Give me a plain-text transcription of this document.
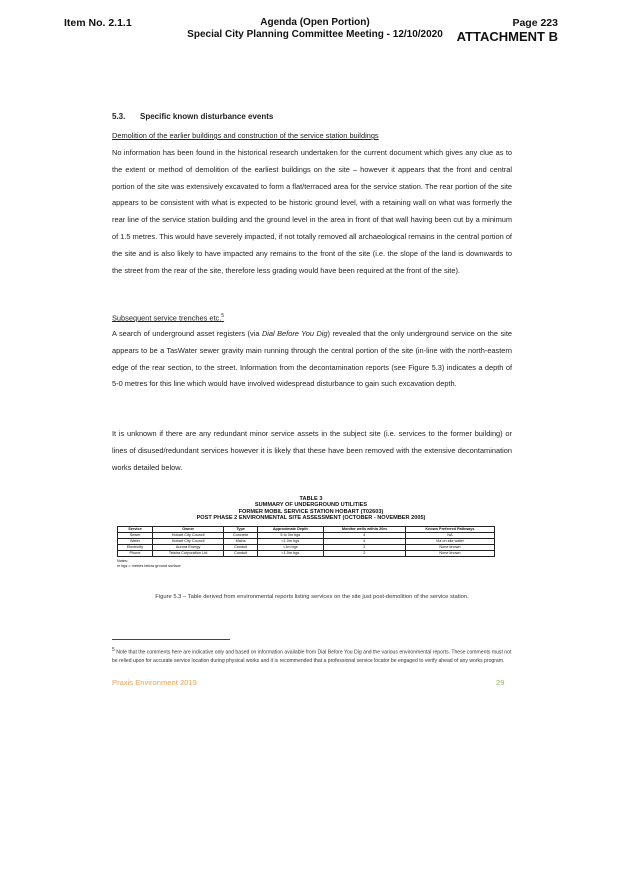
Item No. 2.1.1	Agenda (Open Portion)
Special City Planning Committee Meeting - 12/10/2020
Page 223
ATTACHMENT B
5.3. Specific known disturbance events
Demolition of the earlier buildings and construction of the service station buildings
No information has been found in the historical research undertaken for the current document which gives any clue as to the extent or method of demolition of the earliest buildings on the site – however it appears that the front and central portion of the site was extensively excavated to form a flat/terraced area for the service station. The rear portion of the site appears to be consistent with what is expected to be historic ground level, with a retaining wall on what was formerly the rear line of the service station building and the ground level in the area in front of that wall having been cut by a minimum of 1.5 metres. This would have severely impacted, if not totally removed all archaeological remains in the central portion of the site and is also likely to have impacted any remains to the front of the site (i.e. the slope of the land is downwards to the street from the rear of the site, therefore less grading would have been required at the front of the site).
Subsequent service trenches etc.$^5$
A search of underground asset registers (via Dial Before You Dig) revealed that the only underground service on the site appears to be a TasWater sewer gravity main running through the central portion of the site (in-line with the north-eastern edge of the rear section, to the street. Information from the decontamination reports (see Figure 5.3) indicates a depth of 5-0 metres for this line which would have involved widespread disturbance to gain such excavation depth.
It is unknown if there are any redundant minor service assets in the subject site (i.e. services to the former building) or lines of disused/redundant services however it is likely that these have been removed with the extensive decontamination works detailed below.
TABLE 3
SUMMARY OF UNDERGROUND UTILITIES
FORMER MOBIL SERVICE STATION HOBART (T02603)
POST PHASE 2 ENVIRONMENTAL SITE ASSESSMENT (OCTOBER - NOVEMBER 2005)
Service	Owner	Type	Approximate Depth	Monitor wells within 20m	Known Preferred Pathways
Sewer	Hobart City Council	Concrete	5 to 0m bgs	4	NA
Water	Hobart City Council	Mains	<1.0m bgs	4	Via on site water
Electricity	Aurora Energy	Conduit	<1m bgs	2	None known
Phone	Telstra Corporation Ltd	Conduit	<1.0m bgs	2	None known
Notes:
m bgs = metres below ground surface
Figure 5.3 – Table derived from environmental reports listing services on the site just post-demolition of the service station.
$^5$ Note that the comments here are indicative only and based on information available from Dial Before You Dig and the various environmental reports. These comments must not be relied upon for accurate service location during physical works and it is recommended that a professional service locator be engaged to verify ahead of any works program.
Praxis Environment 2019	29
